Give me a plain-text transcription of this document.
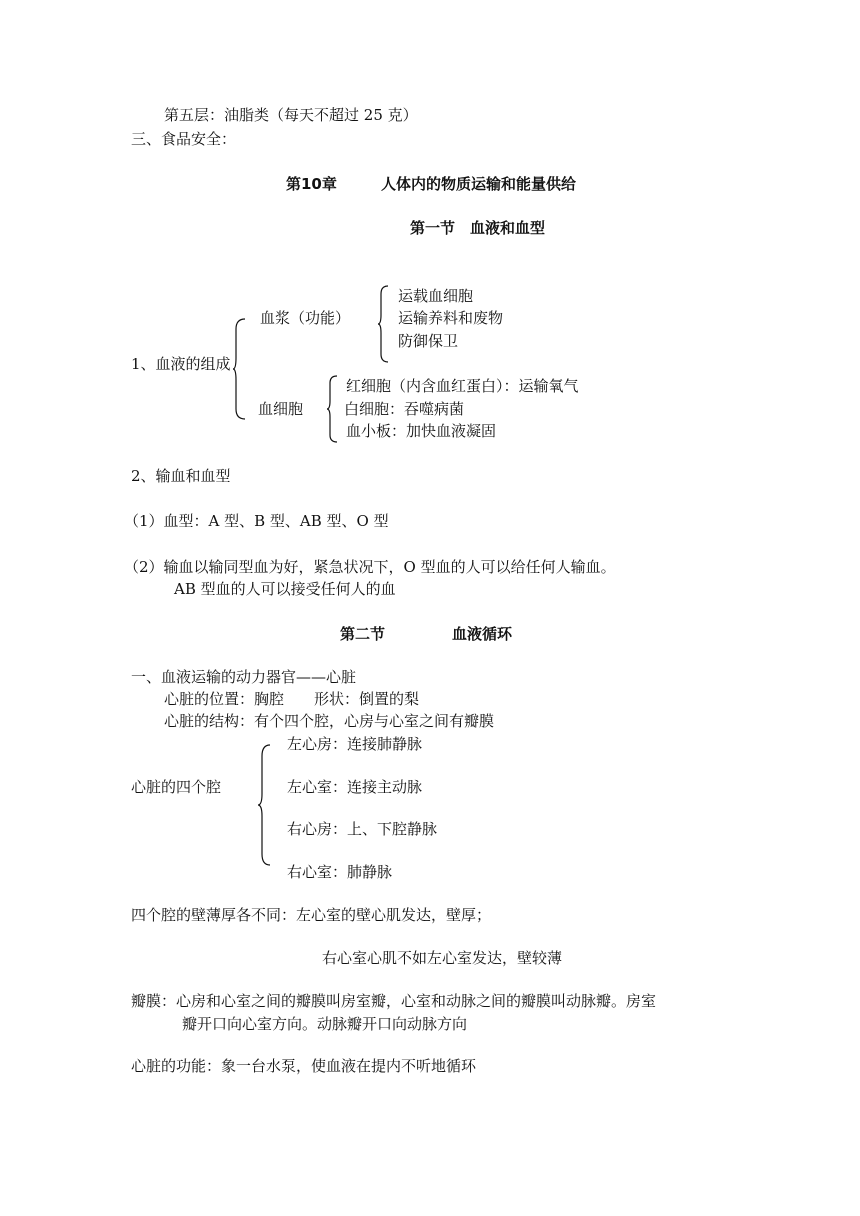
第五层：油脂类（每天不超过 25 克）
三、食品安全：
第10章	人体内的物质运输和能量供给
第一节　血液和血型
1、血液的组成
血浆（功能）
运载血细胞
运输养料和废物
防御保卫
血细胞
红细胞（内含血红蛋白）：运输氧气
白细胞：吞噬病菌
血小板：加快血液凝固
2、输血和血型
（1）血型：A 型、B 型、AB 型、O 型
（2）输血以输同型血为好，紧急状况下，O 型血的人可以给任何人输血。
AB 型血的人可以接受任何人的血
第二节	血液循环
一、血液运输的动力器官——心脏
心脏的位置：胸腔　　形状：倒置的梨
心脏的结构：有个四个腔，心房与心室之间有瓣膜
心脏的四个腔
左心房：连接肺静脉
左心室：连接主动脉
右心房：上、下腔静脉
右心室：肺静脉
四个腔的壁薄厚各不同：左心室的壁心肌发达，壁厚；
右心室心肌不如左心室发达，壁较薄
瓣膜：心房和心室之间的瓣膜叫房室瓣，心室和动脉之间的瓣膜叫动脉瓣。房室
瓣开口向心室方向。动脉瓣开口向动脉方向
心脏的功能：象一台水泵，使血液在提内不听地循环
